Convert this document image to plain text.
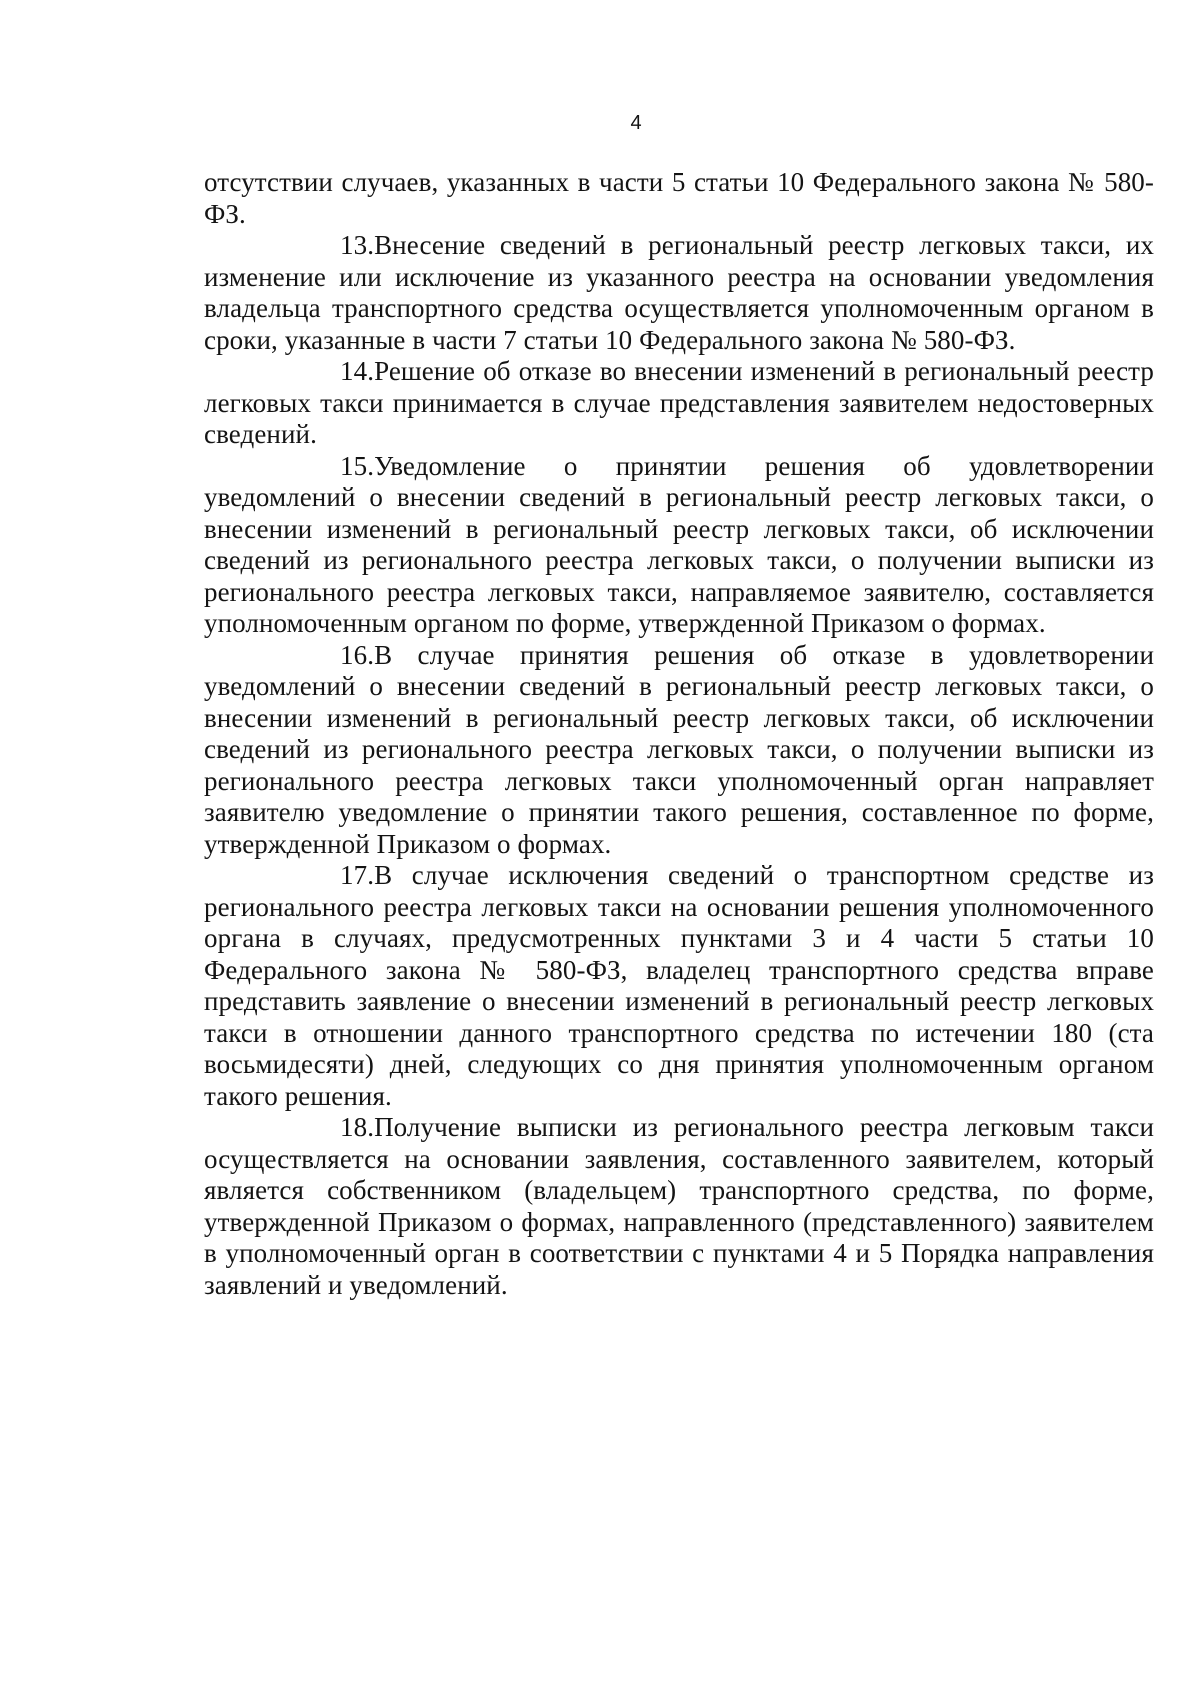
4

отсутствии случаев, указанных в части 5 статьи 10 Федерального закона № 580-ФЗ.

13.Внесение сведений в региональный реестр легковых такси, их изменение или исключение из указанного реестра на основании уведомления владельца транспортного средства осуществляется уполномоченным органом в сроки, указанные в части 7 статьи 10 Федерального закона № 580-ФЗ.

14.Решение об отказе во внесении изменений в региональный реестр легковых такси принимается в случае представления заявителем недостоверных сведений.

15.Уведомление о принятии решения об удовлетворении уведомлений о внесении сведений в региональный реестр легковых такси, о внесении изменений в региональный реестр легковых такси, об исключении сведений из регионального реестра легковых такси, о получении выписки из регионального реестра легковых такси, направляемое заявителю, составляется уполномоченным органом по форме, утвержденной Приказом о формах.

16.В случае принятия решения об отказе в удовлетворении уведомлений о внесении сведений в региональный реестр легковых такси, о внесении изменений в региональный реестр легковых такси, об исключении сведений из регионального реестра легковых такси, о получении выписки из регионального реестра легковых такси уполномоченный орган направляет заявителю уведомление о принятии такого решения, составленное по форме, утвержденной Приказом о формах.

17.В случае исключения сведений о транспортном средстве из регионального реестра легковых такси на основании решения уполномоченного органа в случаях, предусмотренных пунктами 3 и 4 части 5 статьи 10 Федерального закона № 580-ФЗ, владелец транспортного средства вправе представить заявление о внесении изменений в региональный реестр легковых такси в отношении данного транспортного средства по истечении 180 (ста восьмидесяти) дней, следующих со дня принятия уполномоченным органом такого решения.

18.Получение выписки из регионального реестра легковым такси осуществляется на основании заявления, составленного заявителем, который является собственником (владельцем) транспортного средства, по форме, утвержденной Приказом о формах, направленного (представленного) заявителем в уполномоченный орган в соответствии с пунктами 4 и 5 Порядка направления заявлений и уведомлений.
